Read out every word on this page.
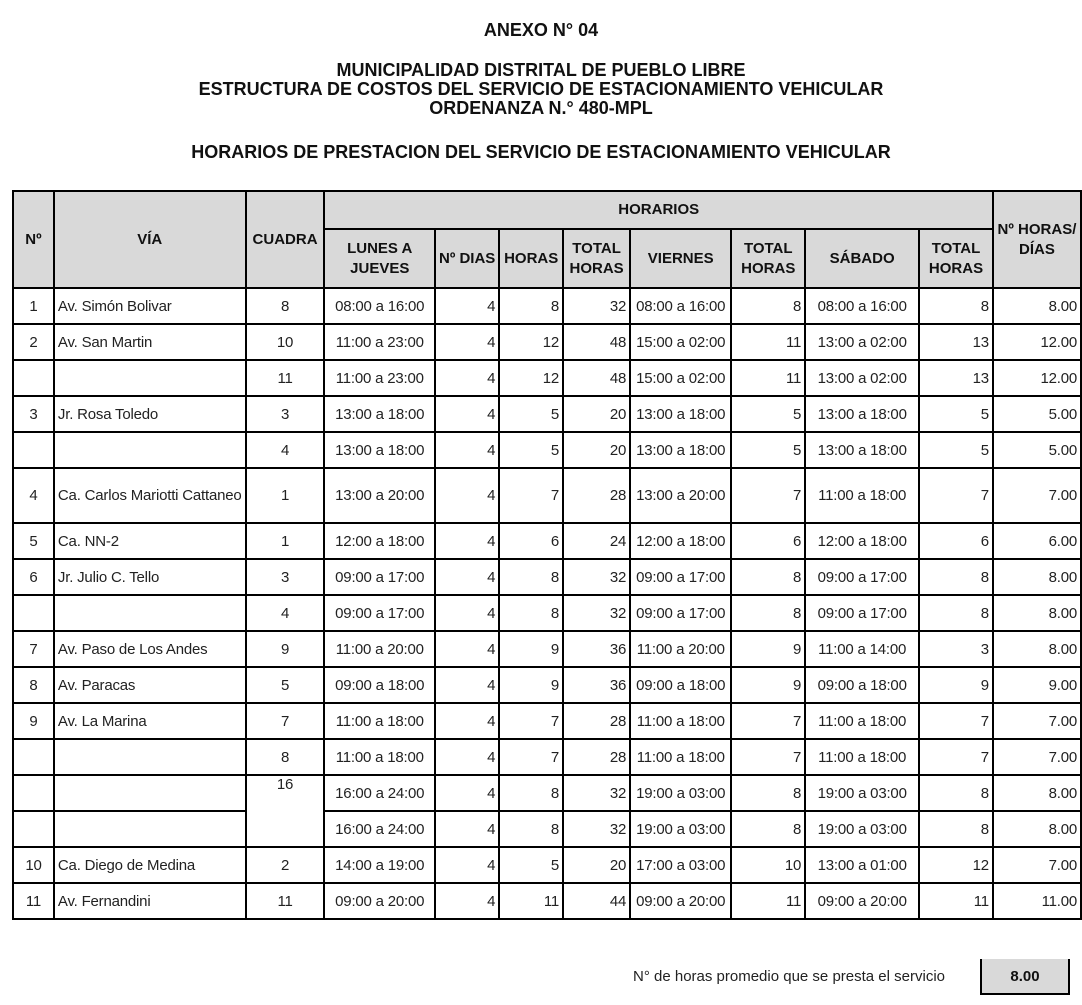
ANEXO N° 04
MUNICIPALIDAD DISTRITAL DE PUEBLO LIBRE
ESTRUCTURA DE COSTOS DEL SERVICIO DE ESTACIONAMIENTO VEHICULAR
ORDENANZA N.° 480-MPL
HORARIOS DE PRESTACION DEL SERVICIO DE ESTACIONAMIENTO VEHICULAR
Nº	VÍA	CUADRA	HORARIOS								Nº HORAS/ DÍAS
			LUNES A JUEVES	Nº DIAS	HORAS	TOTAL HORAS	VIERNES	TOTAL HORAS	SÁBADO	TOTAL HORAS	
1	Av. Simón Bolivar	8	08:00 a 16:00	4	8	32	08:00 a 16:00	8	08:00 a 16:00	8	8.00
2	Av. San Martin	10	11:00 a 23:00	4	12	48	15:00 a 02:00	11	13:00 a 02:00	13	12.00
		11	11:00 a 23:00	4	12	48	15:00 a 02:00	11	13:00 a 02:00	13	12.00
3	Jr. Rosa Toledo	3	13:00 a 18:00	4	5	20	13:00 a 18:00	5	13:00 a 18:00	5	5.00
		4	13:00 a 18:00	4	5	20	13:00 a 18:00	5	13:00 a 18:00	5	5.00
4	Ca. Carlos Mariotti Cattaneo	1	13:00 a 20:00	4	7	28	13:00 a 20:00	7	11:00 a 18:00	7	7.00
5	Ca. NN-2	1	12:00 a 18:00	4	6	24	12:00 a 18:00	6	12:00 a 18:00	6	6.00
6	Jr. Julio C. Tello	3	09:00 a 17:00	4	8	32	09:00 a 17:00	8	09:00 a 17:00	8	8.00
		4	09:00 a 17:00	4	8	32	09:00 a 17:00	8	09:00 a 17:00	8	8.00
7	Av. Paso de Los Andes	9	11:00 a 20:00	4	9	36	11:00 a 20:00	9	11:00 a 14:00	3	8.00
8	Av. Paracas	5	09:00 a 18:00	4	9	36	09:00 a 18:00	9	09:00 a 18:00	9	9.00
9	Av. La Marina	7	11:00 a 18:00	4	7	28	11:00 a 18:00	7	11:00 a 18:00	7	7.00
		8	11:00 a 18:00	4	7	28	11:00 a 18:00	7	11:00 a 18:00	7	7.00
		16	16:00 a 24:00	4	8	32	19:00 a 03:00	8	19:00 a 03:00	8	8.00
			16:00 a 24:00	4	8	32	19:00 a 03:00	8	19:00 a 03:00	8	8.00
10	Ca. Diego de Medina	2	14:00 a 19:00	4	5	20	17:00 a 03:00	10	13:00 a 01:00	12	7.00
11	Av. Fernandini	11	09:00 a 20:00	4	11	44	09:00 a 20:00	11	09:00 a 20:00	11	11.00
N° de horas promedio que se presta el servicio	8.00
